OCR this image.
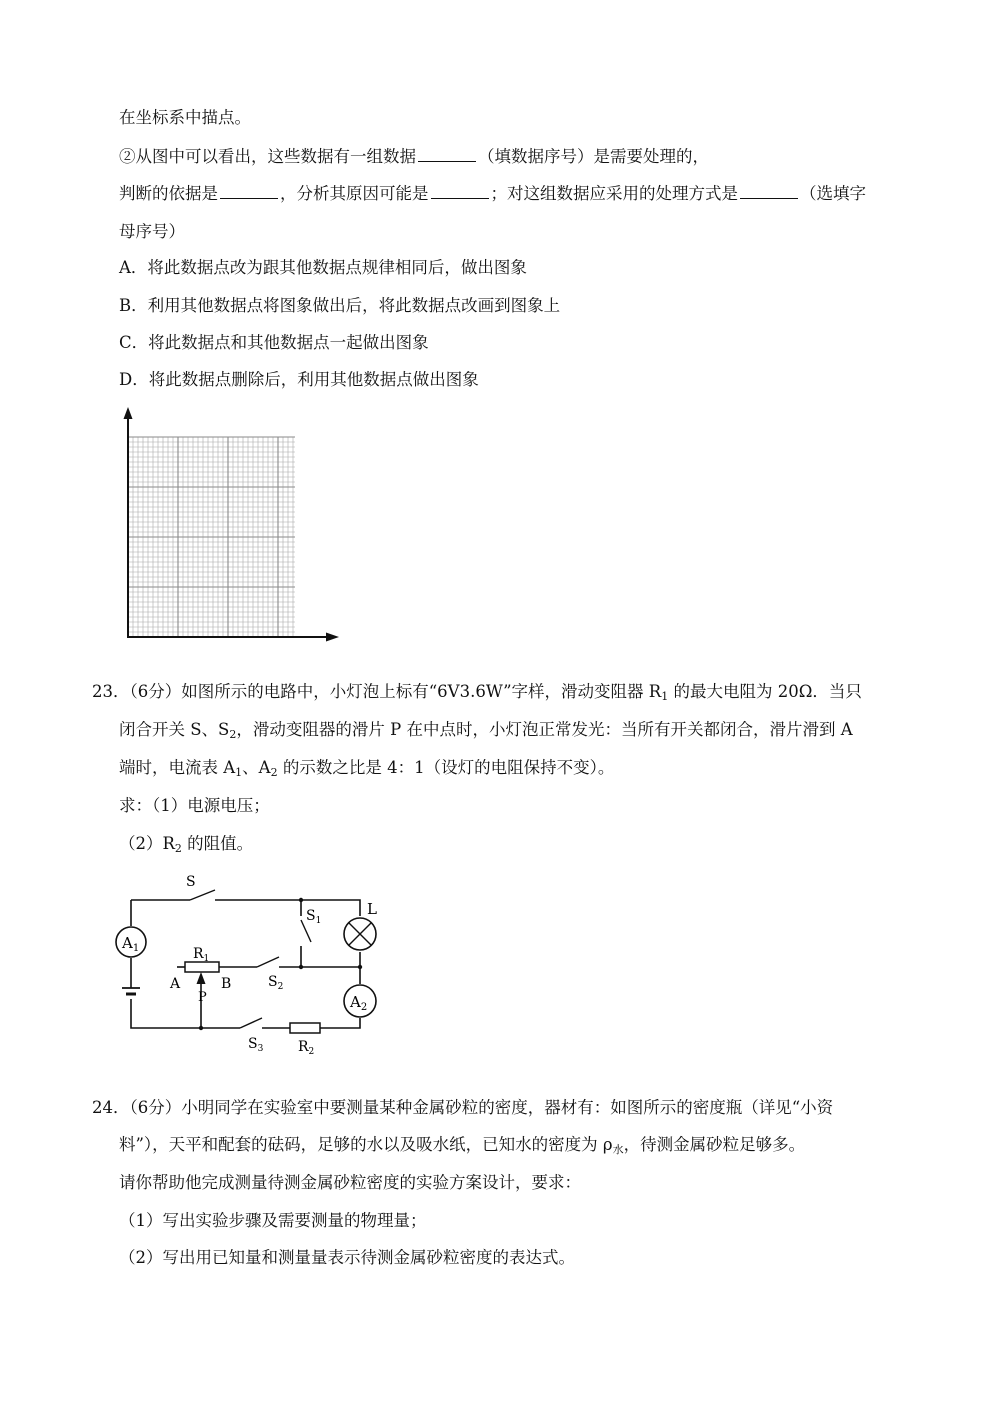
在坐标系中描点。
②从图中可以看出，这些数据有一组数据	（填数据序号）是需要处理的，
判断的依据是	，分析其原因可能是	；对这组数据应采用的处理方式是	（选填字
母序号）
A．将此数据点改为跟其他数据点规律相同后，做出图象
B．利用其他数据点将图象做出后，将此数据点改画到图象上
C．将此数据点和其他数据点一起做出图象
D．将此数据点删除后，利用其他数据点做出图象
23．（6分）如图所示的电路中，小灯泡上标有“6V3.6W”字样，滑动变阻器 $R_1$ 的最大电阻为 20Ω．当只
闭合开关 S、$S_2$，滑动变阻器的滑片 P 在中点时，小灯泡正常发光：当所有开关都闭合，滑片滑到 A
端时，电流表 $A_1$、$A_2$ 的示数之比是 4：1（设灯的电阻保持不变）。
求：（1）电源电压；
$(2)R_2$ 的阻值。
$A_1$
L
$A_2$
$R_1$
A	B
P
$R_2$
S
$S_1$
$S_2$
$S_3$
24．（6分）小明同学在实验室中要测量某种金属砂粒的密度，器材有：如图所示的密度瓶（详见“小资
料”），天平和配套的砝码，足够的水以及吸水纸，已知水的密度为 $\rho_水$，待测金属砂粒足够多。
请你帮助他完成测量待测金属砂粒密度的实验方案设计，要求：
（1）写出实验步骤及需要测量的物理量；
（2）写出用已知量和测量量表示待测金属砂粒密度的表达式。
